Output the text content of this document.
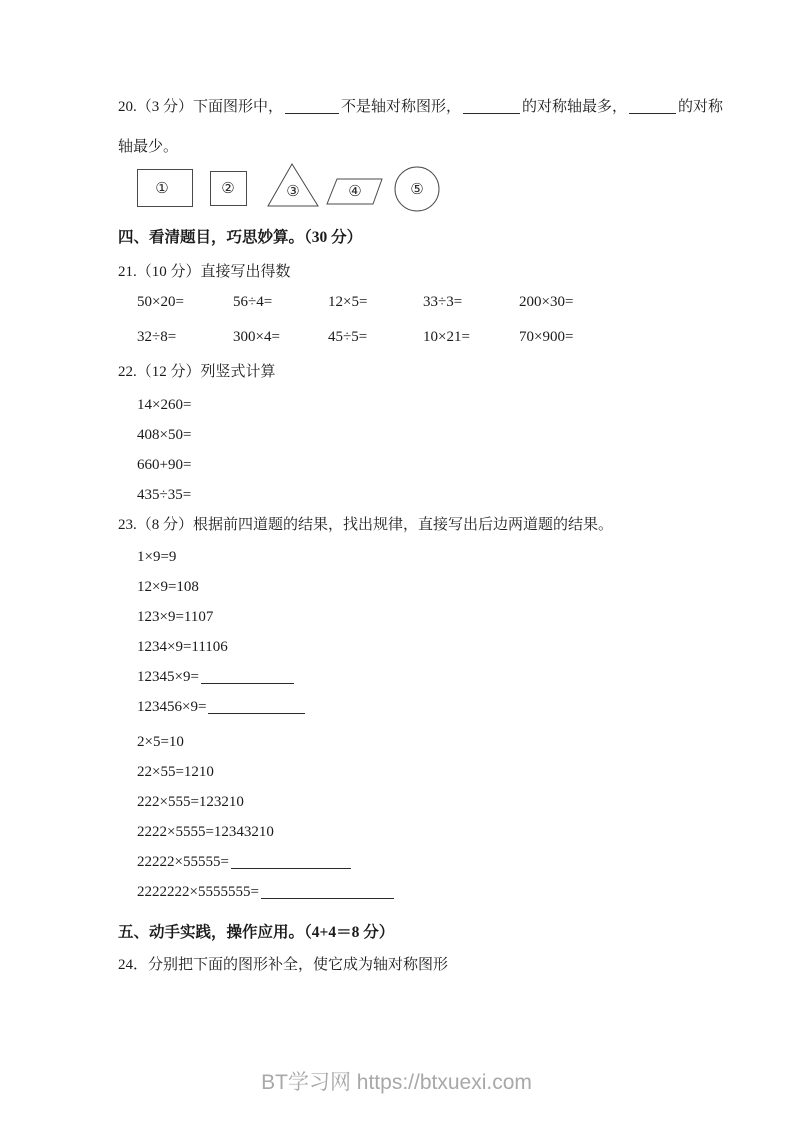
20.（3 分）下面图形中，	不是轴对称图形，	的对称轴最多，	的对称
轴最少。
①	②	③	④	⑤
四、看清题目，巧思妙算。（30 分）
21.（10 分）直接写出得数
50×20=	56÷4=	12×5=	33÷3=	200×30=
32÷8=	300×4=	45÷5=	10×21=	70×900=
22.（12 分）列竖式计算
14×260=
408×50=
660+90=
435÷35=
23.（8 分）根据前四道题的结果，找出规律，直接写出后边两道题的结果。
1×9=9
12×9=108
123×9=1107
1234×9=11106
12345×9=
123456×9=
2×5=10
22×55=1210
222×555=123210
2222×5555=12343210
22222×55555=
2222222×5555555=
五、动手实践，操作应用。（4+4＝8 分）
24．分别把下面的图形补全，使它成为轴对称图形
BT学习网 https://btxuexi.com
